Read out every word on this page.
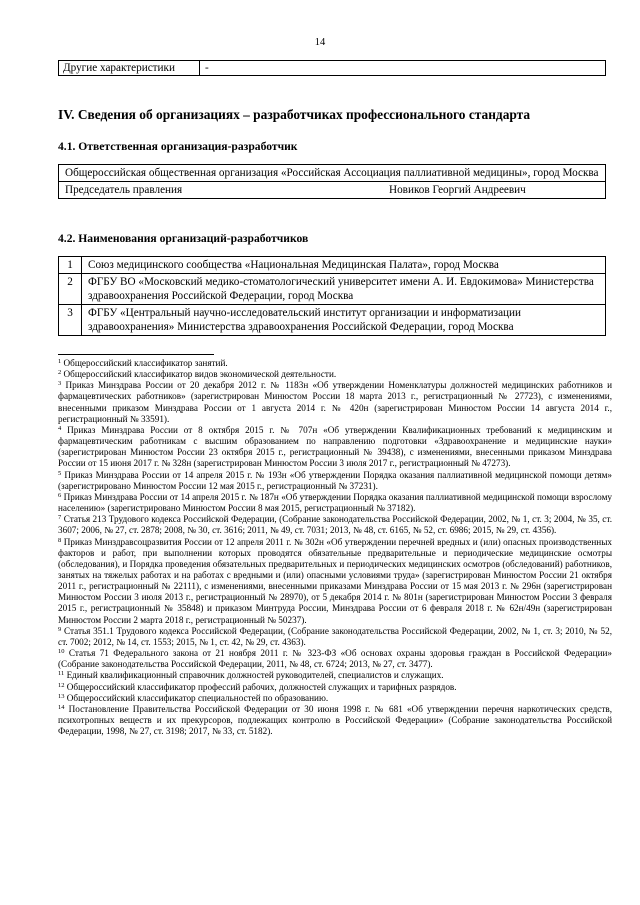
14
Другие характеристики	-
IV. Сведения об организациях – разработчиках профессионального стандарта
4.1. Ответственная организация-разработчик
Общероссийская общественная организация «Российская Ассоциация паллиативной медицины», город Москва
Председатель правления	Новиков Георгий Андреевич
4.2. Наименования организаций-разработчиков
1	Союз медицинского сообщества «Национальная Медицинская Палата», город Москва
2	ФГБУ ВО «Московский медико-стоматологический университет имени А. И. Евдокимова» Министерства здравоохранения Российской Федерации, город Москва
3	ФГБУ «Центральный научно-исследовательский институт организации и информатизации здравоохранения» Министерства здравоохранения Российской Федерации, город Москва

$^1$ Общероссийский классификатор занятий.

$^2$ Общероссийский классификатор видов экономической деятельности.

$^3$ Приказ Минздрава России от 20 декабря 2012 г. № 1183н «Об утверждении Номенклатуры должностей медицинских работников и фармацевтических работников» (зарегистрирован Минюстом России 18 марта 2013 г., регистрационный № 27723), с изменениями, внесенными приказом Минздрава России от 1 августа 2014 г. № 420н (зарегистрирован Минюстом России 14 августа 2014 г., регистрационный № 33591).

$^4$ Приказ Минздрава России от 8 октября 2015 г. № 707н «Об утверждении Квалификационных требований к медицинским и фармацевтическим работникам с высшим образованием по направлению подготовки «Здравоохранение и медицинские науки» (зарегистрирован Минюстом России 23 октября 2015 г., регистрационный № 39438), с изменениями, внесенными приказом Минздрава России от 15 июня 2017 г. № 328н (зарегистрирован Минюстом России 3 июля 2017 г., регистрационный № 47273).

$^5$ Приказ Минздрава России от 14 апреля 2015 г. № 193н «Об утверждении Порядка оказания паллиативной медицинской помощи детям» (зарегистрировано Минюстом России 12 мая 2015 г., регистрационный № 37231).

$^6$ Приказ Минздрава России от 14 апреля 2015 г. № 187н «Об утверждении Порядка оказания паллиативной медицинской помощи взрослому населению» (зарегистрировано Минюстом России 8 мая 2015, регистрационный № 37182).

$^7$ Статья 213 Трудового кодекса Российской Федерации, (Собрание законодательства Российской Федерации, 2002, № 1, ст. 3; 2004, № 35, ст. 3607; 2006, № 27, ст. 2878; 2008, № 30, ст. 3616; 2011, № 49, ст. 7031; 2013, № 48, ст. 6165, № 52, ст. 6986; 2015, № 29, ст. 4356).

$^8$ Приказ Минздравсоцразвития России от 12 апреля 2011 г. № 302н «Об утверждении перечней вредных и (или) опасных производственных факторов и работ, при выполнении которых проводятся обязательные предварительные и периодические медицинские осмотры (обследования), и Порядка проведения обязательных предварительных и периодических медицинских осмотров (обследований) работников, занятых на тяжелых работах и на работах с вредными и (или) опасными условиями труда» (зарегистрирован Минюстом России 21 октября 2011 г., регистрационный № 22111), с изменениями, внесенными приказами Минздрава России от 15 мая 2013 г. № 296н (зарегистрирован Минюстом России 3 июля 2013 г., регистрационный № 28970), от 5 декабря 2014 г. № 801н (зарегистрирован Минюстом России 3 февраля 2015 г., регистрационный № 35848) и приказом Минтруда России, Минздрава России от 6 февраля 2018 г. № 62н/49н (зарегистрирован Минюстом России 2 марта 2018 г., регистрационный № 50237).

$^9$ Статья 351.1 Трудового кодекса Российской Федерации, (Собрание законодательства Российской Федерации, 2002, № 1, ст. 3; 2010, № 52, ст. 7002; 2012, № 14, ст. 1553; 2015, № 1, ст. 42, № 29, ст. 4363).

$^{10}$ Статья 71 Федерального закона от 21 ноября 2011 г. № 323-ФЗ «Об основах охраны здоровья граждан в Российской Федерации» (Собрание законодательства Российской Федерации, 2011, № 48, ст. 6724; 2013, № 27, ст. 3477).

$^{11}$ Единый квалификационный справочник должностей руководителей, специалистов и служащих.

$^{12}$ Общероссийский классификатор профессий рабочих, должностей служащих и тарифных разрядов.

$^{13}$ Общероссийский классификатор специальностей по образованию.

$^{14}$ Постановление Правительства Российской Федерации от 30 июня 1998 г. № 681 «Об утверждении перечня наркотических средств, психотропных веществ и их прекурсоров, подлежащих контролю в Российской Федерации» (Собрание законодательства Российской Федерации, 1998, № 27, ст. 3198; 2017, № 33, ст. 5182).
